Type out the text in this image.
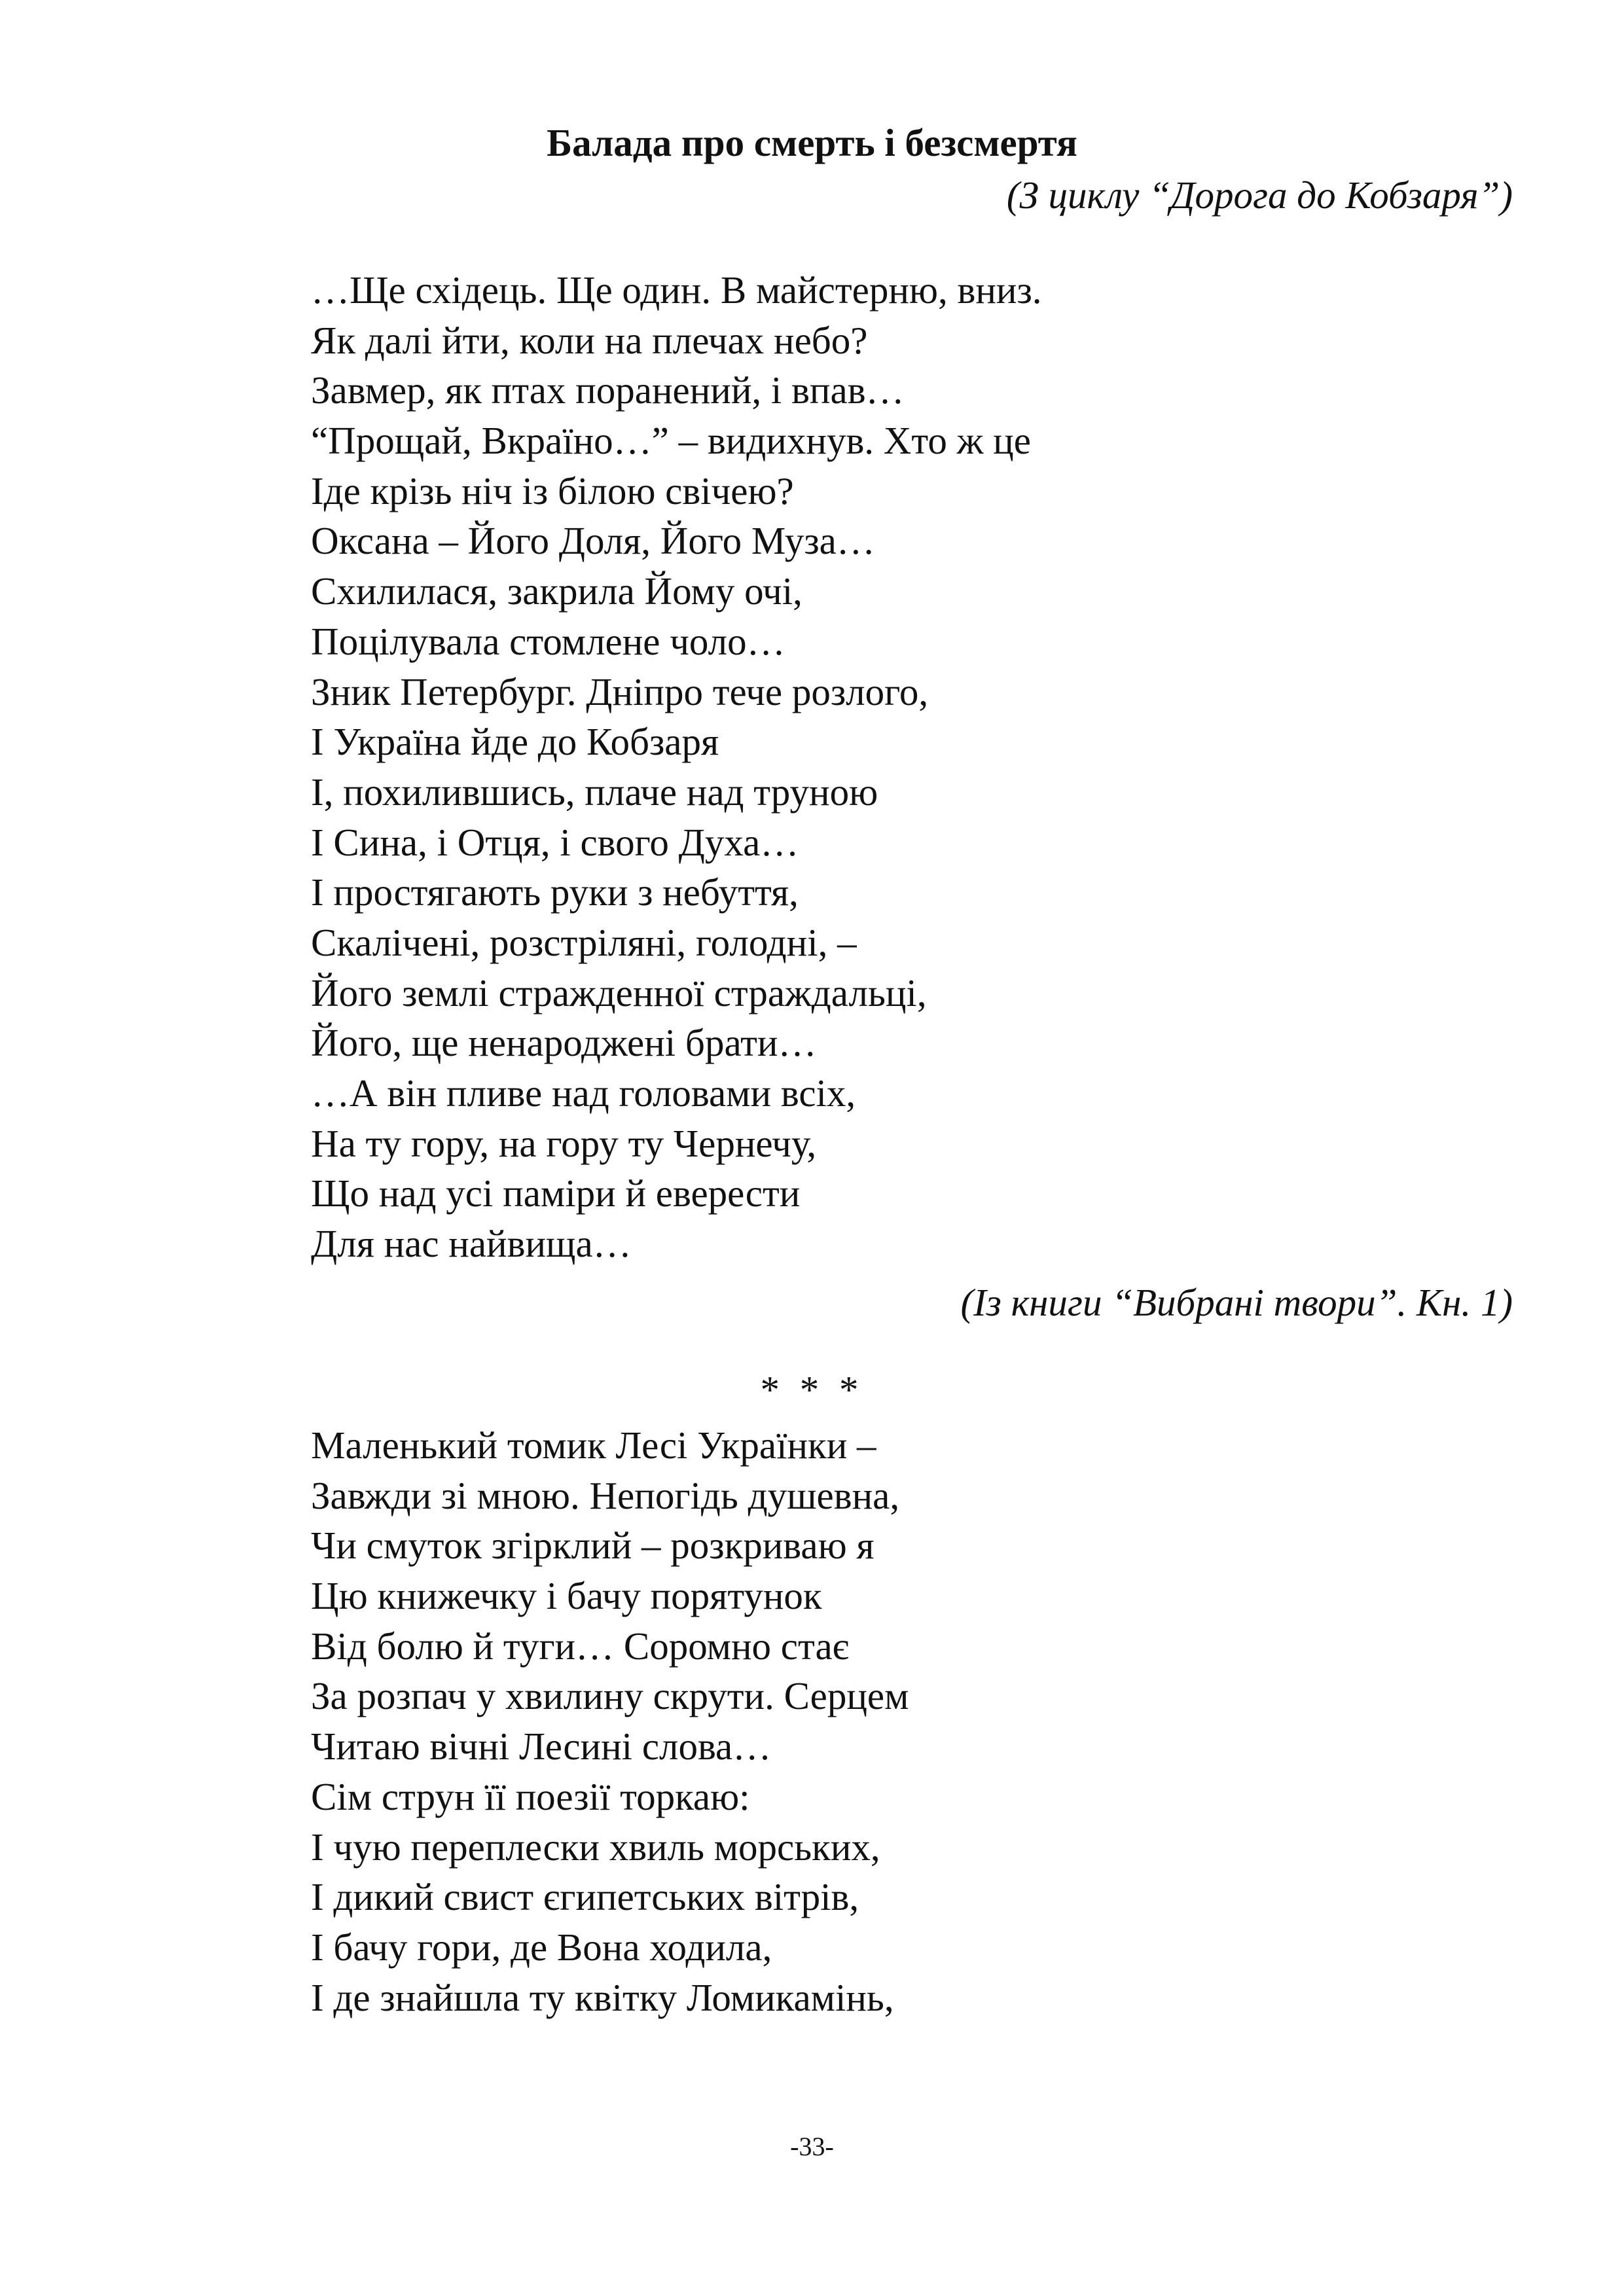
Балада про смерть і безсмертя
(З циклу “Дорога до Кобзаря”)
…Ще східець. Ще один. В майстерню, вниз.
Як далі йти, коли на плечах небо?
Завмер, як птах поранений, і впав…
“Прощай, Вкраїно…” – видихнув. Хто ж це
Іде крізь ніч із білою свічею?
Оксана – Його Доля, Його Муза…
Схилилася, закрила Йому очі,
Поцілувала стомлене чоло…
Зник Петербург. Дніпро тече розлого,
І Україна йде до Кобзаря
І, похилившись, плаче над труною
І Сина, і Отця, і свого Духа…
І простягають руки з небуття,
Скалічені, розстріляні, голодні, –
Його землі стражденної страждальці,
Його, ще ненароджені брати…
…А він пливе над головами всіх,
На ту гору, на гору ту Чернечу,
Що над усі паміри й еверести
Для нас найвища…
(Із книги “Вибрані твори”. Кн. 1)
* * *
Маленький томик Лесі Українки –
Завжди зі мною. Непогідь душевна,
Чи смуток згірклий – розкриваю я
Цю книжечку і бачу порятунок
Від болю й туги… Соромно стає
За розпач у хвилину скрути. Серцем
Читаю вічні Лесині слова…
Сім струн її поезії торкаю:
І чую переплески хвиль морських,
І дикий свист єгипетських вітрів,
І бачу гори, де Вона ходила,
І де знайшла ту квітку Ломикамінь,
-33-
